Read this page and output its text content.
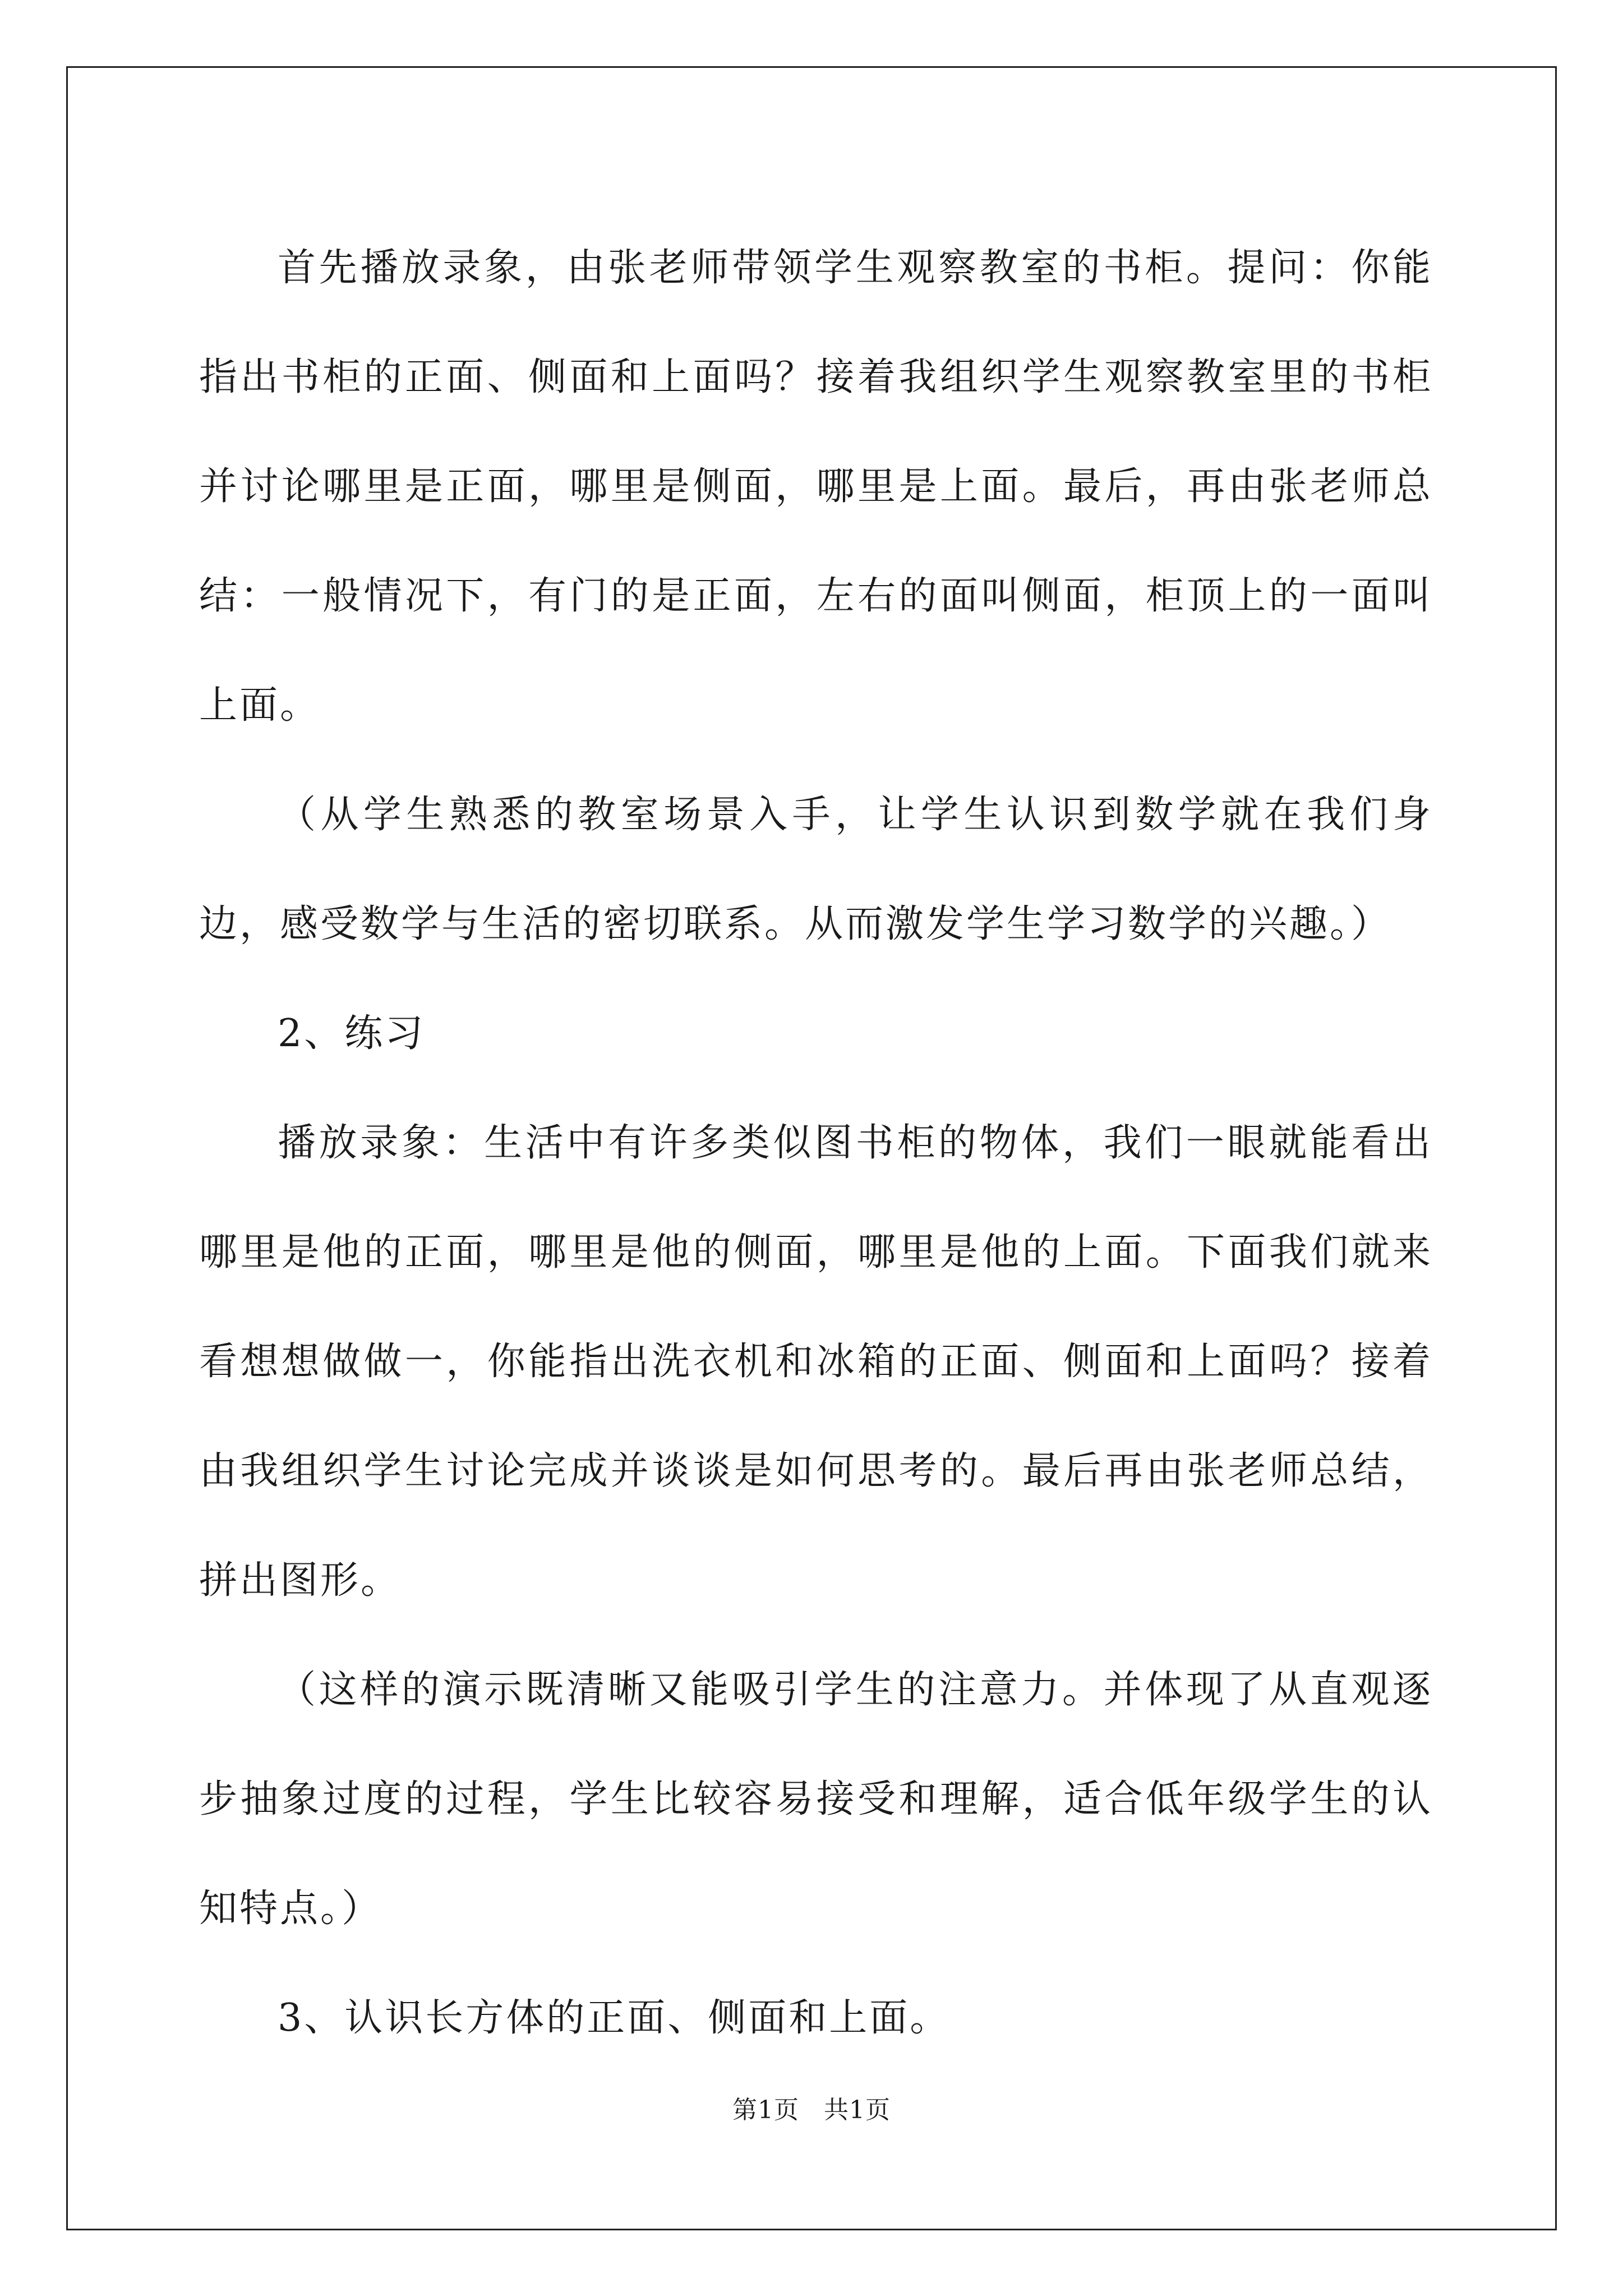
首先播放录象，由张老师带领学生观察教室的书柜。提问：你能指出书柜的正面、侧面和上面吗？接着我组织学生观察教室里的书柜并讨论哪里是正面，哪里是侧面，哪里是上面。最后，再由张老师总结：一般情况下，有门的是正面，左右的面叫侧面，柜顶上的一面叫上面。

（从学生熟悉的教室场景入手，让学生认识到数学就在我们身边，感受数学与生活的密切联系。从而激发学生学习数学的兴趣。）

2、练习

播放录象：生活中有许多类似图书柜的物体，我们一眼就能看出哪里是他的正面，哪里是他的侧面，哪里是他的上面。下面我们就来看想想做做一，你能指出洗衣机和冰箱的正面、侧面和上面吗？接着由我组织学生讨论完成并谈谈是如何思考的。最后再由张老师总结，拼出图形。

（这样的演示既清晰又能吸引学生的注意力。并体现了从直观逐步抽象过度的过程，学生比较容易接受和理解，适合低年级学生的认知特点。）

3、认识长方体的正面、侧面和上面。

第1页 共1页
